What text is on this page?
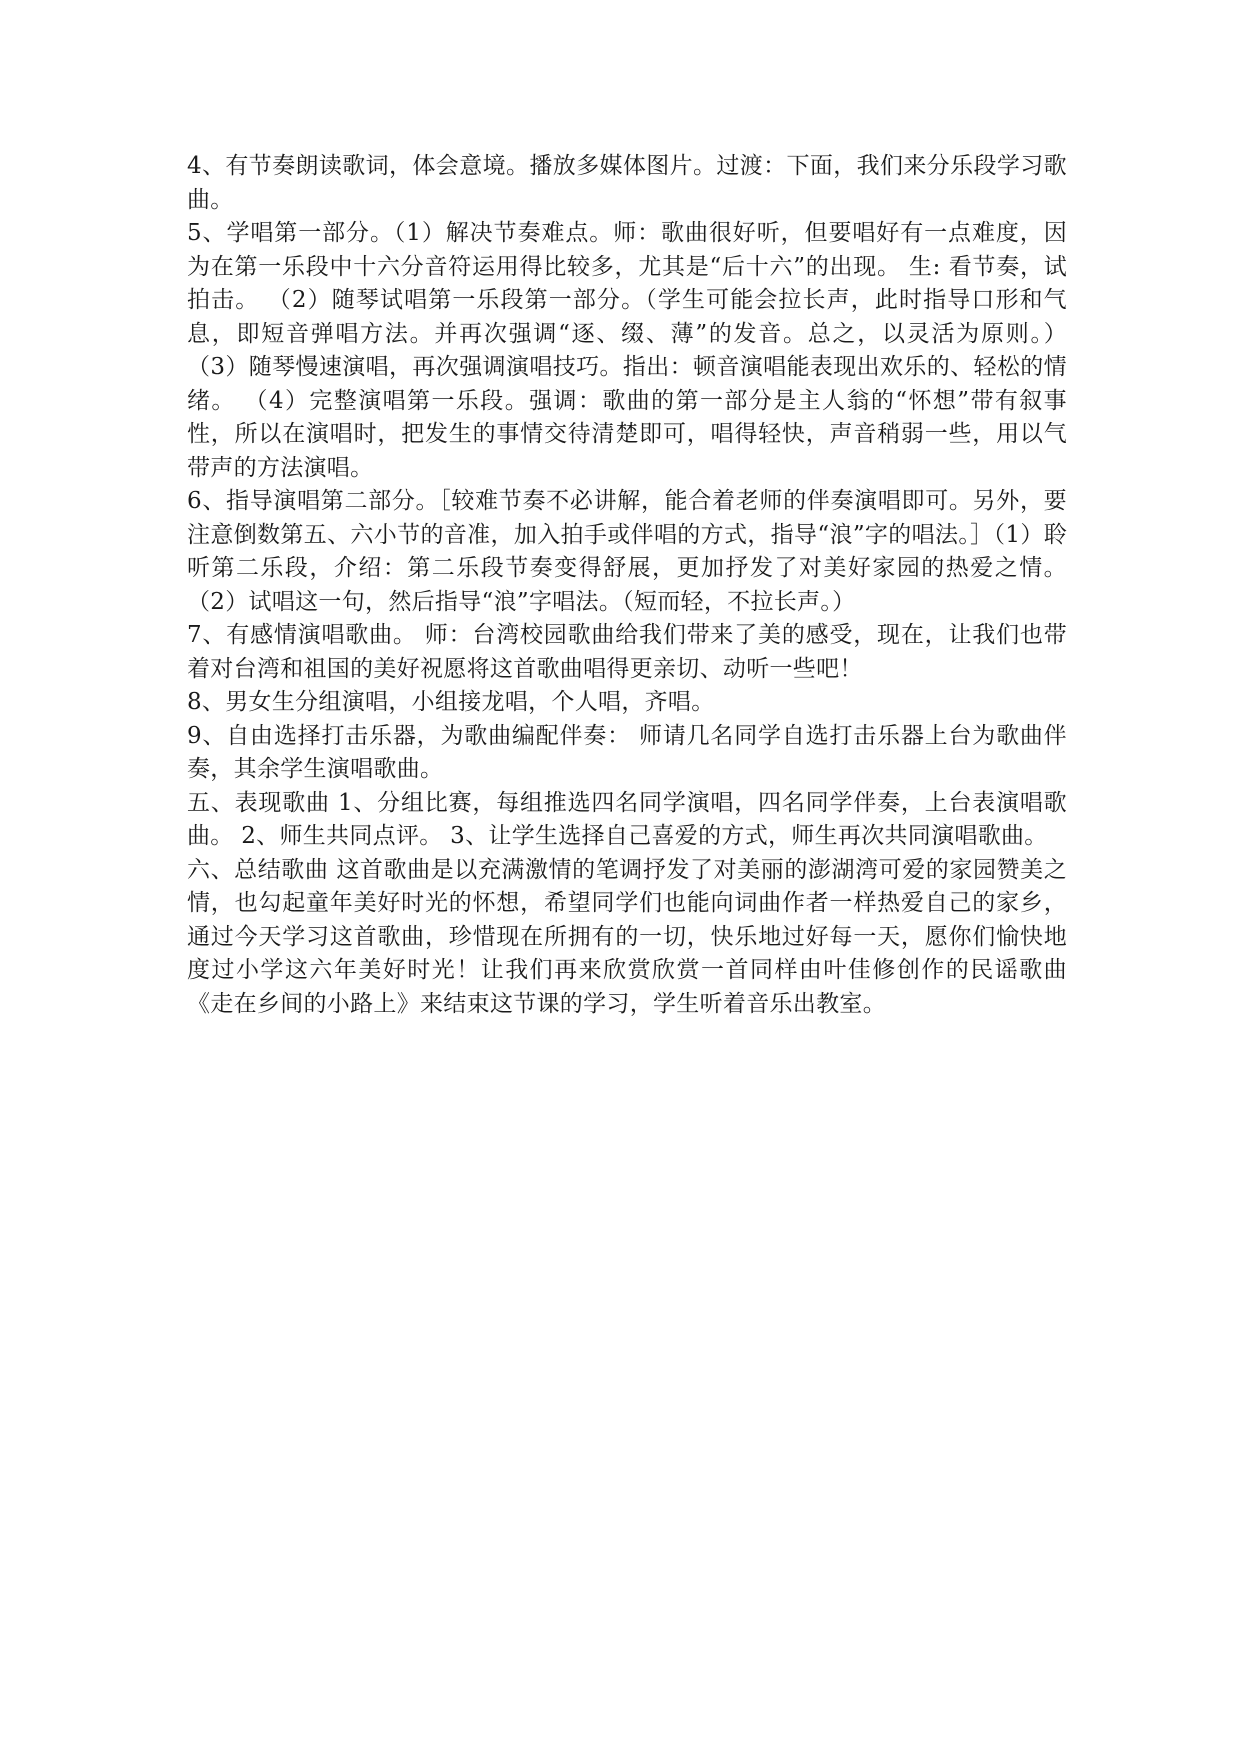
4、有节奏朗读歌词，体会意境。播放多媒体图片。过渡：下面，我们来分乐段学习歌曲。

5、学唱第一部分。（1）解决节奏难点。师：歌曲很好听，但要唱好有一点难度，因为在第一乐段中十六分音符运用得比较多，尤其是“后十六”的出现。 生: 看节奏，试拍击。 （2）随琴试唱第一乐段第一部分。（学生可能会拉长声，此时指导口形和气息，即短音弹唱方法。并再次强调“逐、缀、薄”的发音。总之，以灵活为原则。） （3）随琴慢速演唱，再次强调演唱技巧。指出：顿音演唱能表现出欢乐的、轻松的情绪。 （4）完整演唱第一乐段。强调：歌曲的第一部分是主人翁的“怀想”带有叙事性，所以在演唱时，把发生的事情交待清楚即可，唱得轻快，声音稍弱一些，用以气带声的方法演唱。

6、指导演唱第二部分。［较难节奏不必讲解，能合着老师的伴奏演唱即可。另外，要注意倒数第五、六小节的音准，加入拍手或伴唱的方式，指导“浪”字的唱法。］（1）聆听第二乐段，介绍：第二乐段节奏变得舒展，更加抒发了对美好家园的热爱之情。 （2）试唱这一句，然后指导“浪”字唱法。（短而轻，不拉长声。）

7、有感情演唱歌曲。 师：台湾校园歌曲给我们带来了美的感受，现在，让我们也带着对台湾和祖国的美好祝愿将这首歌曲唱得更亲切、动听一些吧！

8、男女生分组演唱，小组接龙唱，个人唱，齐唱。

9、自由选择打击乐器，为歌曲编配伴奏： 师请几名同学自选打击乐器上台为歌曲伴奏，其余学生演唱歌曲。

五、表现歌曲 1、分组比赛，每组推选四名同学演唱，四名同学伴奏，上台表演唱歌曲。 2、师生共同点评。 3、让学生选择自己喜爱的方式，师生再次共同演唱歌曲。

六、总结歌曲 这首歌曲是以充满激情的笔调抒发了对美丽的澎湖湾可爱的家园赞美之情，也勾起童年美好时光的怀想，希望同学们也能向词曲作者一样热爱自己的家乡，通过今天学习这首歌曲，珍惜现在所拥有的一切，快乐地过好每一天，愿你们愉快地度过小学这六年美好时光！让我们再来欣赏欣赏一首同样由叶佳修创作的民谣歌曲《走在乡间的小路上》来结束这节课的学习，学生听着音乐出教室。
